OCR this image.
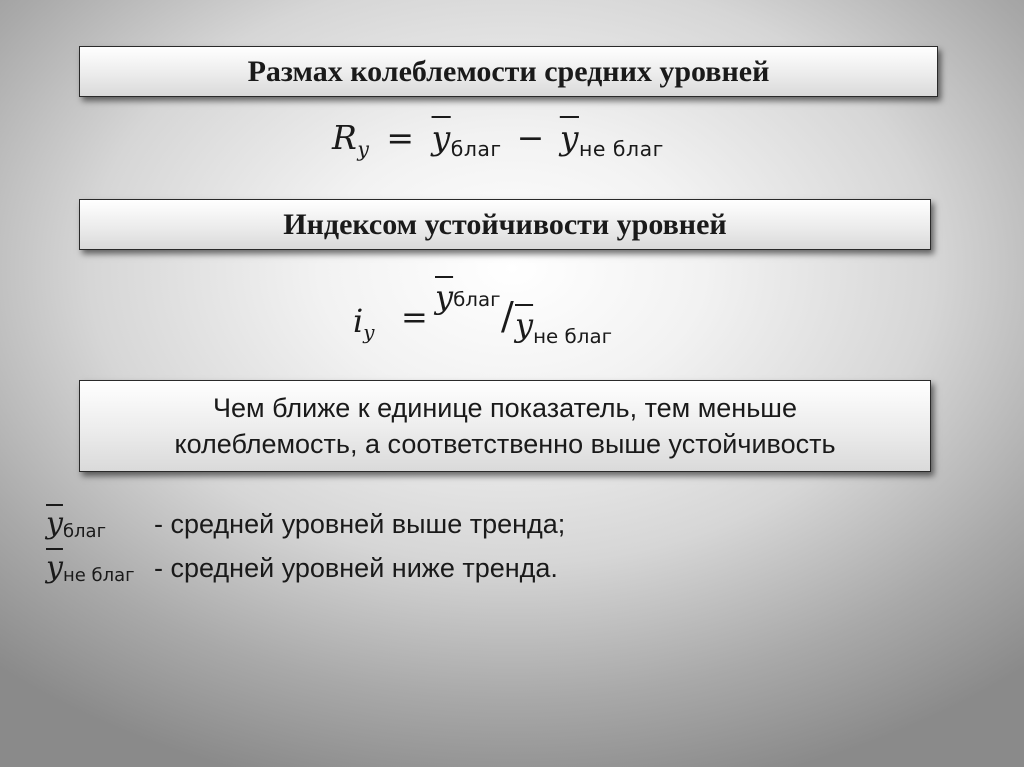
Размах колеблемости средних уровней
$R_y = \overline{y}_{благ} - \overline{y}_{не благ}$
Индексом устойчивости уровней
$i_y$ =
$\overline{y}благ / \overline{y}_{не благ}$
Чем ближе к единице показатель, тем меньше
колеблемость, а соответственно выше устойчивость
$\overline{y}благ$	- средней уровней выше тренда;
$\overline{y}не$ благ - средней уровней ниже тренда.
